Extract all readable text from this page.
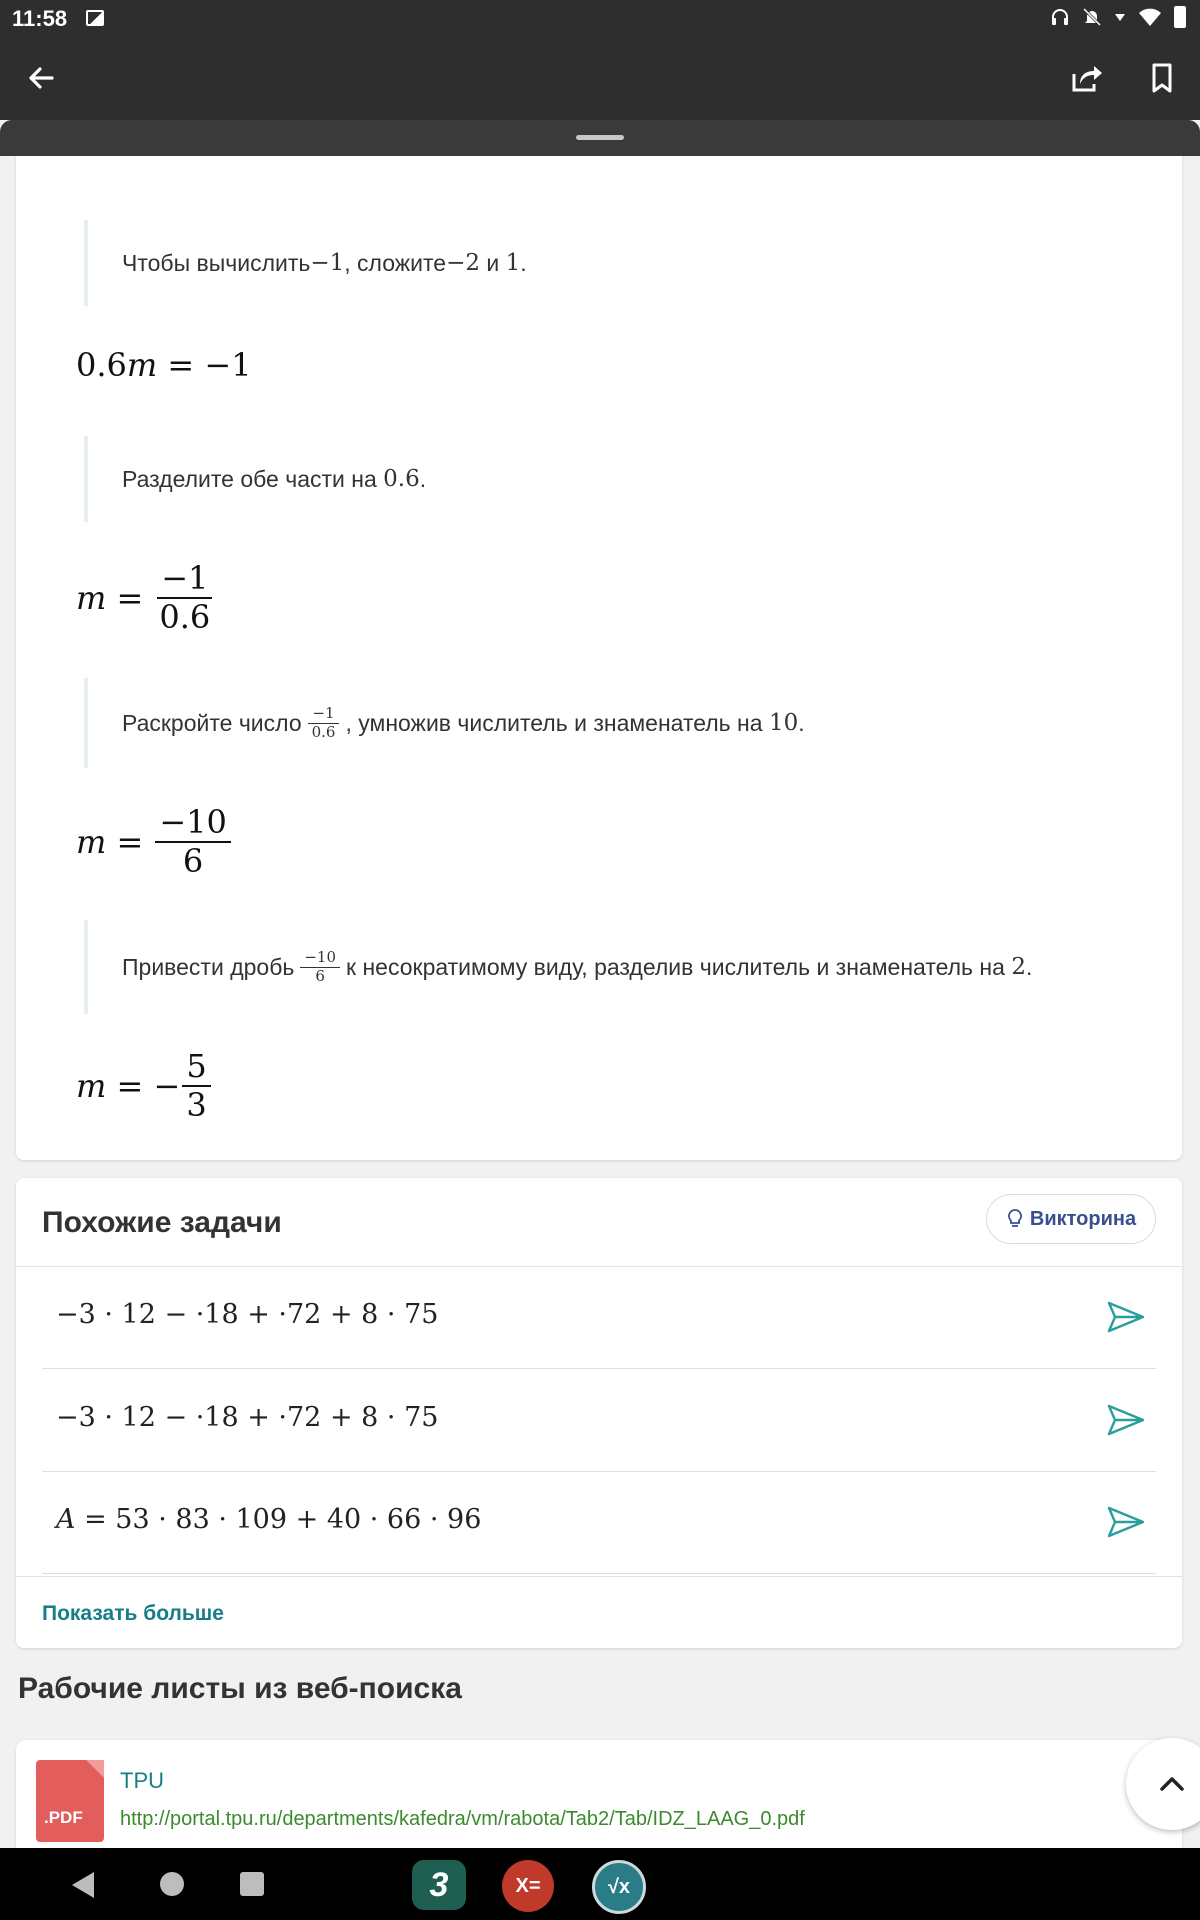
11:58
Чтобы вычислить −1 , сложите −2 и 1 .
0.6m = −1
Разделите обе части на 0.6 .
$m = \frac{-1}{0.6}$
Раскройте число $\frac{-1}{0.6}$ , умножив числитель и знаменатель на 10 .
$m = \frac{-10}{6}$
Привести дробь $\frac{-10}{6}$ к несократимому виду, разделив числитель и знаменатель на 2 .
m = − $\frac{5}{3}$
Похожие задачи	Викторина
−3 · 12 − ·18 + ·72 + 8 · 75
−3 · 12 − ·18 + ·72 + 8 · 75
A = 53 · 83 · 109 + 40 · 66 · 96
Показать больше
Рабочие листы из веб-поиска
.PDF
TPU
http://portal.tpu.ru/departments/kafedra/vm/rabota/Tab2/Tab/IDZ_LAAG_0.pdf
3	X=	√x
